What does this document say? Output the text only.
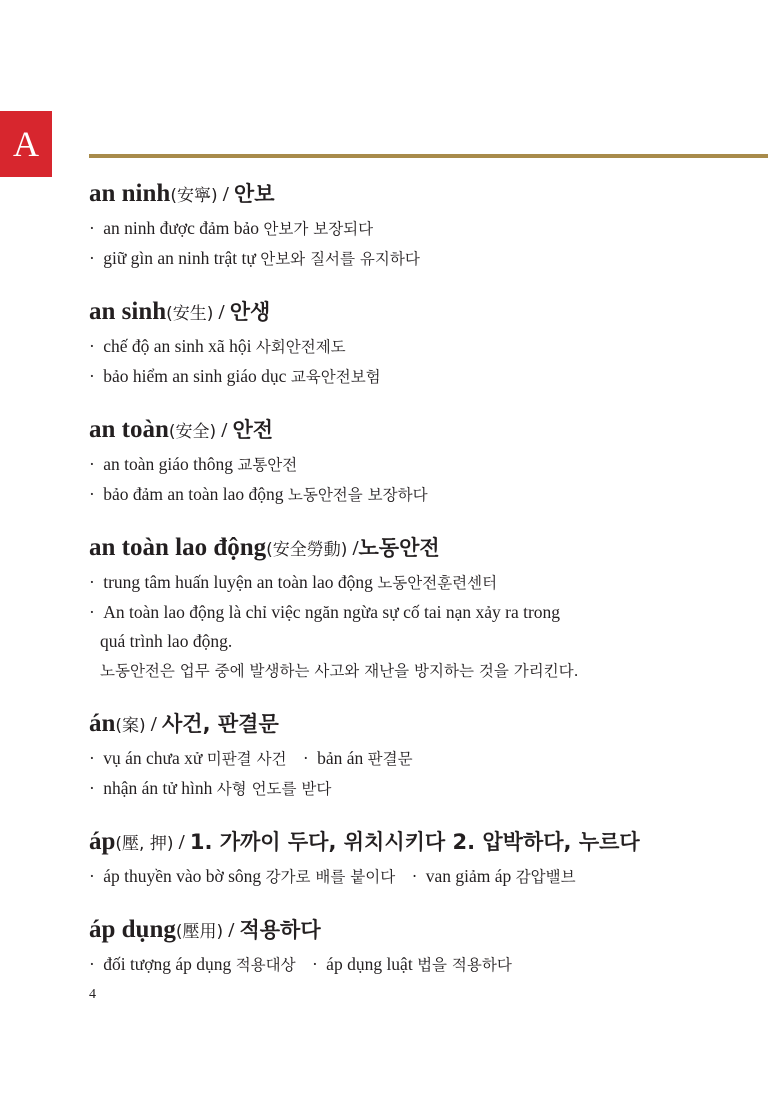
A
an ninh(安寧) / 안보
· an ninh được đảm bảo 안보가 보장되다
· giữ gìn an ninh trật tự 안보와 질서를 유지하다
an sinh(安生) / 안생
· chế độ an sinh xã hội 사회안전제도
· bảo hiểm an sinh giáo dục 교육안전보험
an toàn(安全) / 안전
· an toàn giáo thông 교통안전
· bảo đảm an toàn lao động 노동안전을 보장하다
an toàn lao động(安全勞動) /노동안전
· trung tâm huấn luyện an toàn lao động 노동안전훈련센터
· An toàn lao động là chỉ việc ngăn ngừa sự cố tai nạn xảy ra trong
quá trình lao động.
노동안전은 업무 중에 발생하는 사고와 재난을 방지하는 것을 가리킨다.
án(案) / 사건, 판결문
· vụ án chưa xử 미판결 사건 · bản án 판결문
· nhận án tử hình 사형 언도를 받다
áp(壓, 押) / 1. 가까이 두다, 위치시키다 2. 압박하다, 누르다
· áp thuyền vào bờ sông 강가로 배를 붙이다 · van giảm áp 감압밸브
áp dụng(壓用) / 적용하다
· đối tượng áp dụng 적용대상 · áp dụng luật 법을 적용하다
4
